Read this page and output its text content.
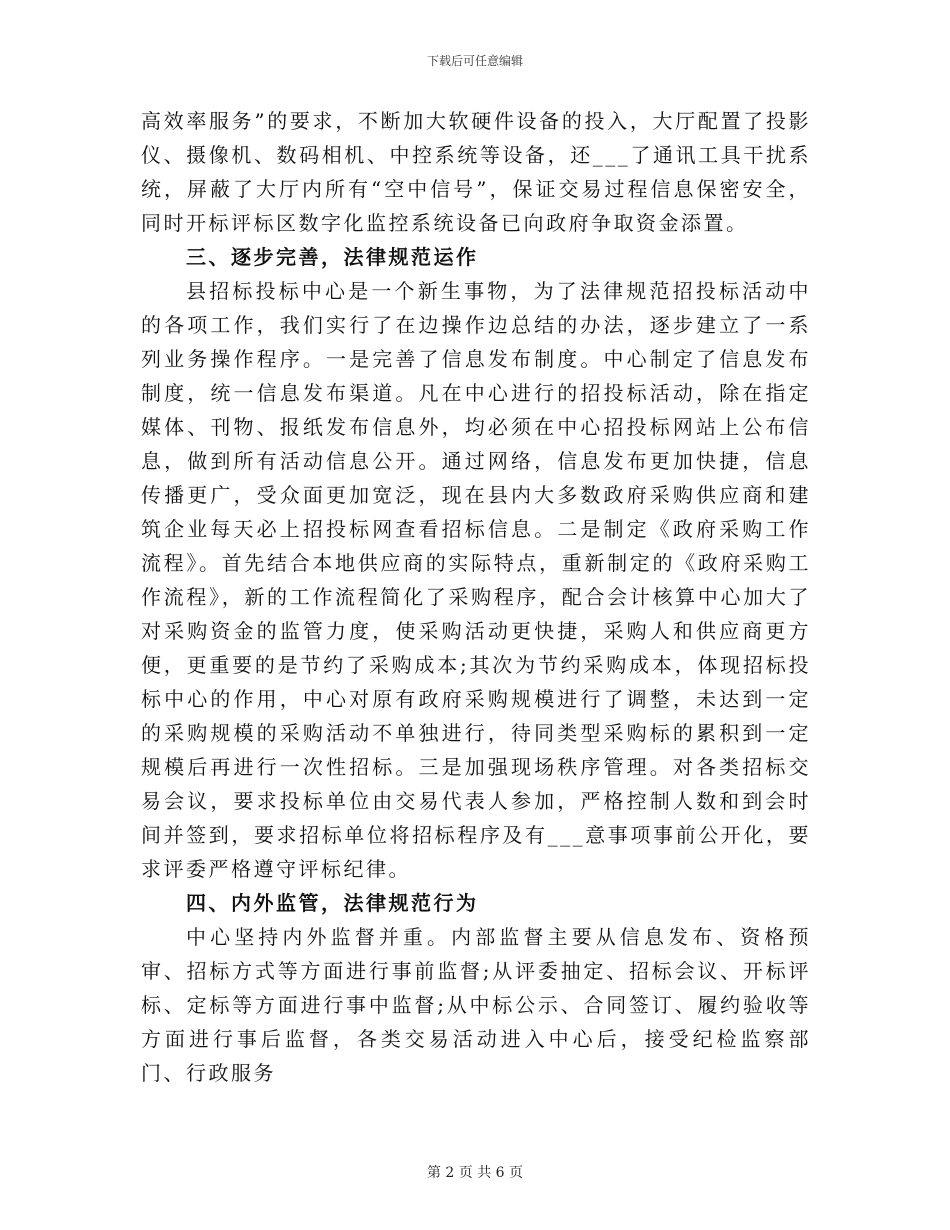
下载后可任意编辑

高效率服务”的要求，不断加大软硬件设备的投入，大厅配置了投影仪、摄像机、数码相机、中控系统等设备，还___了通讯工具干扰系统，屏蔽了大厅内所有“空中信号”，保证交易过程信息保密安全，同时开标评标区数字化监控系统设备已向政府争取资金添置。

三、逐步完善，法律规范运作

县招标投标中心是一个新生事物，为了法律规范招投标活动中的各项工作，我们实行了在边操作边总结的办法，逐步建立了一系列业务操作程序。一是完善了信息发布制度。中心制定了信息发布制度，统一信息发布渠道。凡在中心进行的招投标活动，除在指定媒体、刊物、报纸发布信息外，均必须在中心招投标网站上公布信息，做到所有活动信息公开。通过网络，信息发布更加快捷，信息传播更广，受众面更加宽泛，现在县内大多数政府采购供应商和建筑企业每天必上招投标网查看招标信息。二是制定《政府采购工作流程》。首先结合本地供应商的实际特点，重新制定的《政府采购工作流程》，新的工作流程简化了采购程序，配合会计核算中心加大了对采购资金的监管力度，使采购活动更快捷，采购人和供应商更方便，更重要的是节约了采购成本;其次为节约采购成本，体现招标投标中心的作用，中心对原有政府采购规模进行了调整，未达到一定的采购规模的采购活动不单独进行，待同类型采购标的累积到一定规模后再进行一次性招标。三是加强现场秩序管理。对各类招标交易会议，要求投标单位由交易代表人参加，严格控制人数和到会时间并签到，要求招标单位将招标程序及有___意事项事前公开化，要求评委严格遵守评标纪律。

四、内外监管，法律规范行为

中心坚持内外监督并重。内部监督主要从信息发布、资格预审、招标方式等方面进行事前监督;从评委抽定、招标会议、开标评标、定标等方面进行事中监督;从中标公示、合同签订、履约验收等方面进行事后监督，各类交易活动进入中心后，接受纪检监察部门、行政服务

第 2 页 共 6 页
